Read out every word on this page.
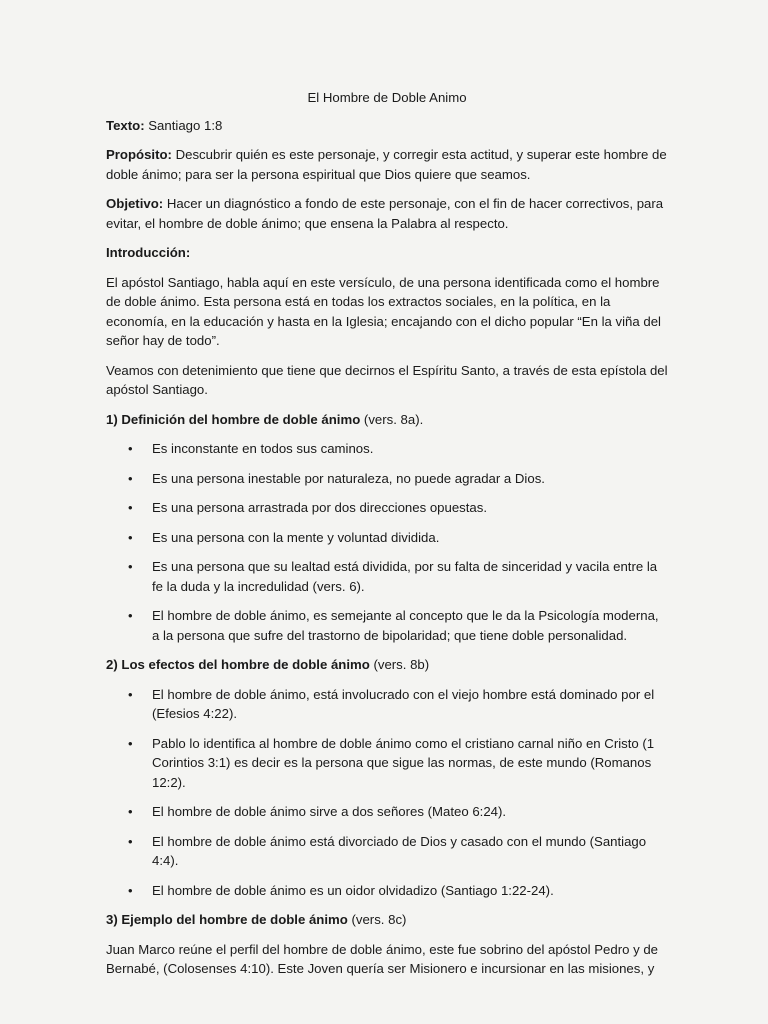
El Hombre de Doble Animo

Texto: Santiago 1:8

Propósito: Descubrir quién es este personaje, y corregir esta actitud, y superar este hombre de doble ánimo; para ser la persona espiritual que Dios quiere que seamos.

Objetivo: Hacer un diagnóstico a fondo de este personaje, con el fin de hacer correctivos, para evitar, el hombre de doble ánimo; que ensena la Palabra al respecto.

Introducción:

El apóstol Santiago, habla aquí en este versículo, de una persona identificada como el hombre de doble ánimo. Esta persona está en todas los extractos sociales, en la política, en la economía, en la educación y hasta en la Iglesia; encajando con el dicho popular “En la viña del señor hay de todo”.

Veamos con detenimiento que tiene que decirnos el Espíritu Santo, a través de esta epístola del apóstol Santiago.

1) Definición del hombre de doble ánimo (vers. 8a).

• Es inconstante en todos sus caminos.
• Es una persona inestable por naturaleza, no puede agradar a Dios.
• Es una persona arrastrada por dos direcciones opuestas.
• Es una persona con la mente y voluntad dividida.
• Es una persona que su lealtad está dividida, por su falta de sinceridad y vacila entre la fe la duda y la incredulidad (vers. 6).
• El hombre de doble ánimo, es semejante al concepto que le da la Psicología moderna, a la persona que sufre del trastorno de bipolaridad; que tiene doble personalidad.

2) Los efectos del hombre de doble ánimo (vers. 8b)

• El hombre de doble ánimo, está involucrado con el viejo hombre está dominado por el (Efesios 4:22).
• Pablo lo identifica al hombre de doble ánimo como el cristiano carnal niño en Cristo (1 Corintios 3:1) es decir es la persona que sigue las normas, de este mundo (Romanos 12:2).
• El hombre de doble ánimo sirve a dos señores (Mateo 6:24).
• El hombre de doble ánimo está divorciado de Dios y casado con el mundo (Santiago 4:4).
• El hombre de doble ánimo es un oidor olvidadizo (Santiago 1:22-24).

3) Ejemplo del hombre de doble ánimo (vers. 8c)

Juan Marco reúne el perfil del hombre de doble ánimo, este fue sobrino del apóstol Pedro y de Bernabé, (Colosenses 4:10). Este Joven quería ser Misionero e incursionar en las misiones, y
